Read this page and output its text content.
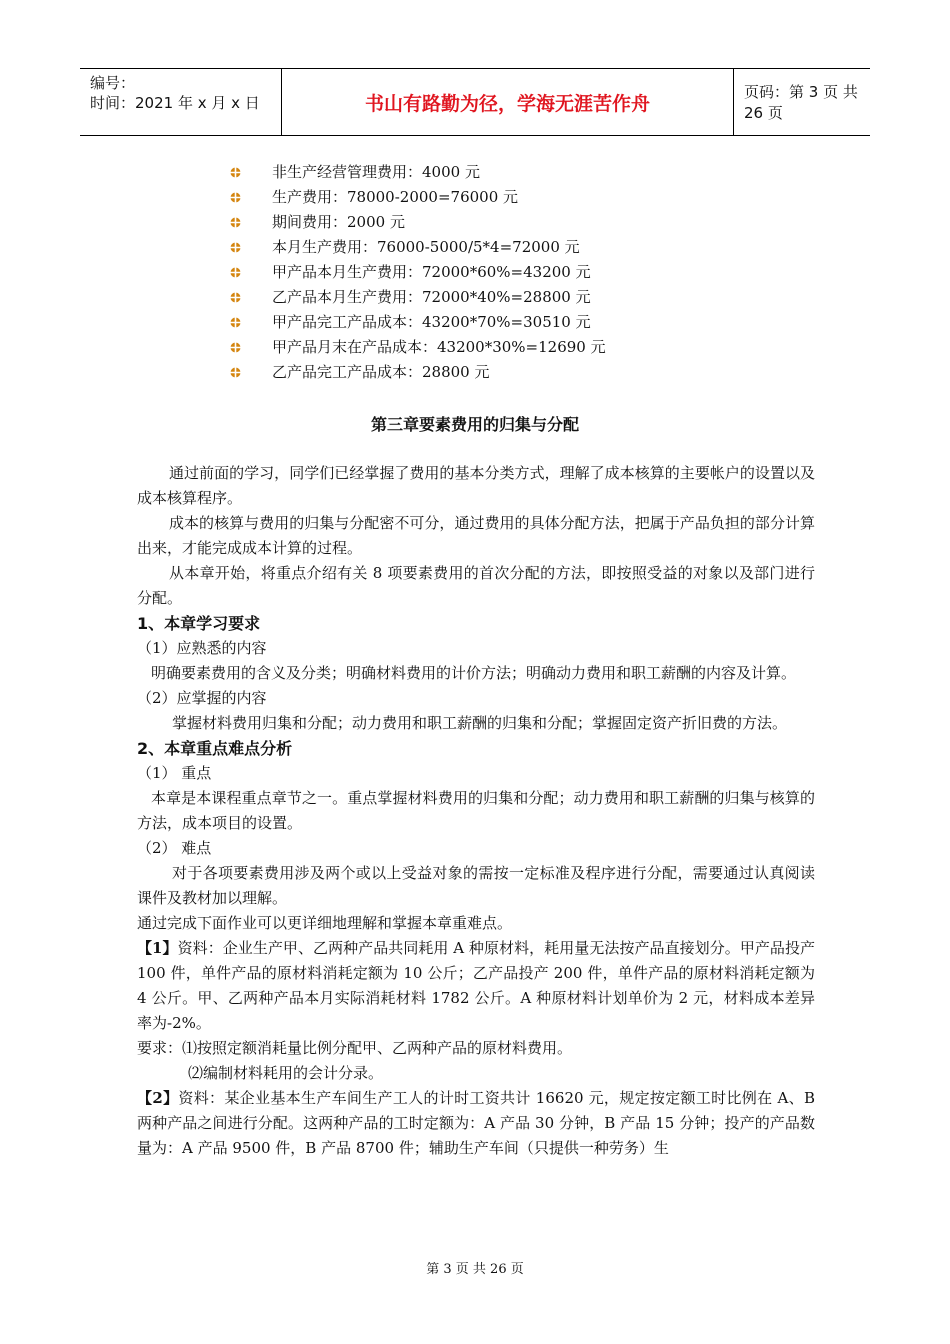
编号：
时间：2021 年 x 月 x 日	书山有路勤为径，学海无涯苦作舟
页码：第 3 页 共 26 页
非生产经营管理费用：4000 元
生产费用：78000-2000=76000 元
期间费用：2000 元
本月生产费用：76000-5000/5*4=72000 元
甲产品本月生产费用：72000*60%=43200 元
乙产品本月生产费用：72000*40%=28800 元
甲产品完工产品成本：43200*70%=30510 元
甲产品月末在产品成本：43200*30%=12690 元
乙产品完工产品成本：28800 元
第三章要素费用的归集与分配

通过前面的学习，同学们已经掌握了费用的基本分类方式，理解了成本核算的主要帐户的设置以及成本核算程序。

成本的核算与费用的归集与分配密不可分，通过费用的具体分配方法，把属于产品负担的部分计算出来，才能完成成本计算的过程。

从本章开始，将重点介绍有关 8 项要素费用的首次分配的方法，即按照受益的对象以及部门进行分配。

1、本章学习要求

（1）应熟悉的内容

明确要素费用的含义及分类；明确材料费用的计价方法；明确动力费用和职工薪酬的内容及计算。

（2）应掌握的内容

掌握材料费用归集和分配；动力费用和职工薪酬的归集和分配；掌握固定资产折旧费的方法。

2、本章重点难点分析

（1） 重点

本章是本课程重点章节之一。重点掌握材料费用的归集和分配；动力费用和职工薪酬的归集与核算的方法，成本项目的设置。

（2） 难点

对于各项要素费用涉及两个或以上受益对象的需按一定标准及程序进行分配，需要通过认真阅读课件及教材加以理解。

通过完成下面作业可以更详细地理解和掌握本章重难点。

【1】资料：企业生产甲、乙两种产品共同耗用 A 种原材料，耗用量无法按产品直接划分。甲产品投产 100 件，单件产品的原材料消耗定额为 10 公斤；乙产品投产 200 件，单件产品的原材料消耗定额为 4 公斤。甲、乙两种产品本月实际消耗材料 1782 公斤。A 种原材料计划单价为 2 元，材料成本差异率为-2%。

要求：⑴按照定额消耗量比例分配甲、乙两种产品的原材料费用。

⑵编制材料耗用的会计分录。

【2】资料：某企业基本生产车间生产工人的计时工资共计 16620 元，规定按定额工时比例在 A、B 两种产品之间进行分配。这两种产品的工时定额为：A 产品 30 分钟，B 产品 15 分钟；投产的产品数量为：A 产品 9500 件，B 产品 8700 件；辅助生产车间（只提供一种劳务）生

第 3 页 共 26 页
